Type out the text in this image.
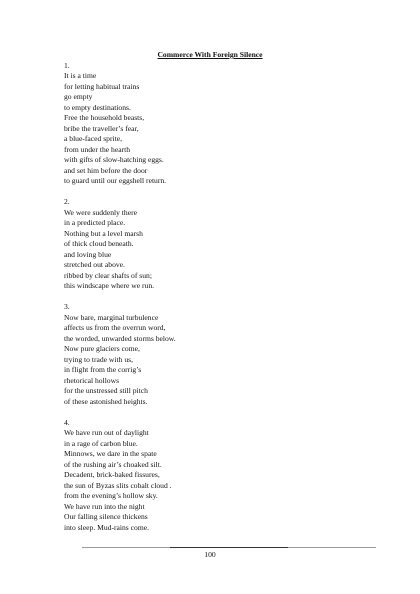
Commerce With Foreign Silence
1.
It is a time
for letting habitual trains
go empty
to empty destinations.
Free the household beasts,
bribe the traveller’s fear,
a blue-faced sprite,
from under the hearth
with gifts of slow-hatching eggs.
and set him before the door
to guard until our eggshell return.
2.
We were suddenly there
in a predicted place.
Nothing but a level marsh
of thick cloud beneath.
and loving blue
stretched out above.
ribbed by clear shafts of sun;
this windscape where we run.
3.
Now bare, marginal turbulence
affects us from the overrun word,
the worded, unwarded storms below.
Now pure glaciers come,
trying to trade with us,
in flight from the corrig’s
rhetorical hollows
for the unstressed still pitch
of these astonished heights.
4.
We have run out of daylight
in a rage of carbon blue.
Minnows, we dare in the spate
of the rushing air’s choaked silt.
Decadent, brick-baked fissures,
the sun of Byzas slits cobalt cloud .
from the evening’s hollow sky.
We have run into the night
Our falling silence thickens
into sleep. Mud-rains come.
100
